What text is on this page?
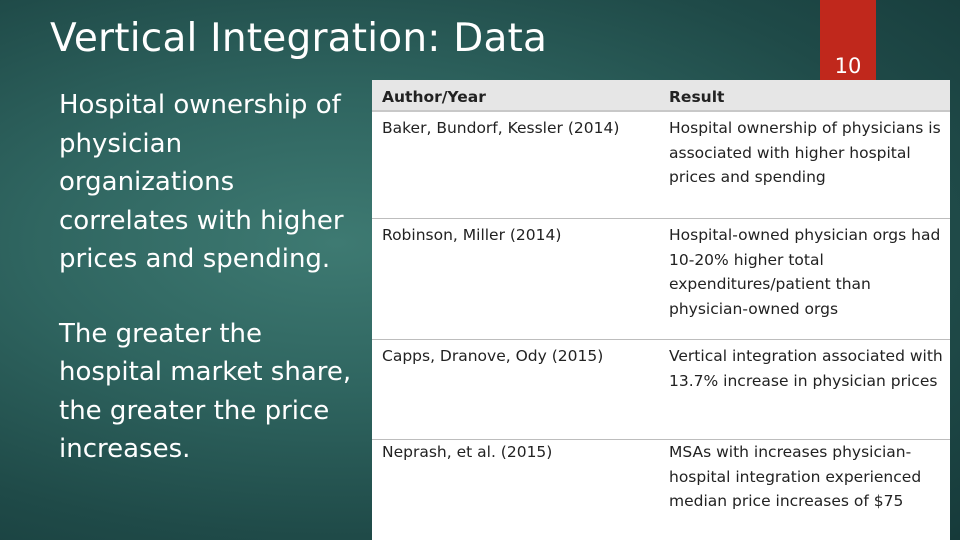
Vertical Integration: Data
10

Hospital ownership of physician organizations correlates with higher prices and spending.

The greater the hospital market share, the greater the price increases.

Author/Year	Result
Baker, Bundorf, Kessler (2014)	Hospital ownership of physicians is associated with higher hospital prices and spending
Robinson, Miller (2014)	Hospital-owned physician orgs had 10-20% higher total expenditures/patient than physician-owned orgs
Capps, Dranove, Ody (2015)	Vertical integration associated with 13.7% increase in physician prices
Neprash, et al. (2015)	MSAs with increases physician-hospital integration experienced median price increases of $75
